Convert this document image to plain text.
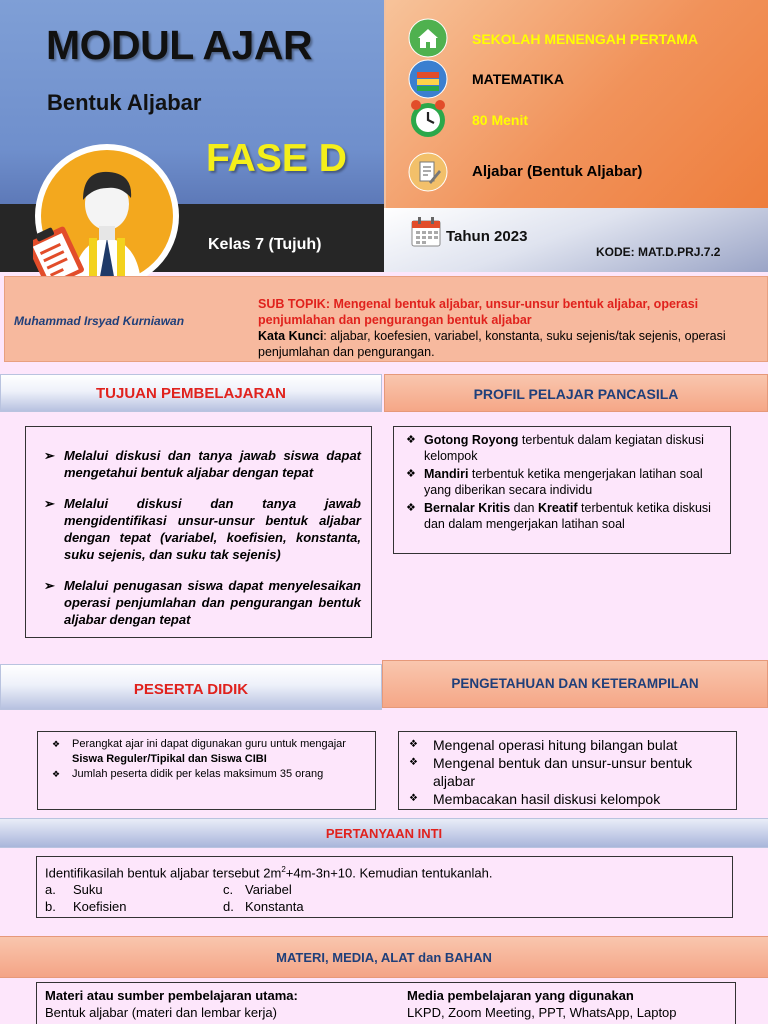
MODUL AJAR
Bentuk Aljabar
FASE D
Kelas 7 (Tujuh)
SEKOLAH MENENGAH PERTAMA
MATEMATIKA
80 Menit
Aljabar (Bentuk Aljabar)
Tahun 2023
KODE: MAT.D.PRJ.7.2
Muhammad Irsyad Kurniawan
SUB TOPIK: Mengenal bentuk aljabar, unsur-unsur bentuk aljabar, operasi penjumlahan dan pengurangan bentuk aljabar
Kata Kunci: aljabar, koefesien, variabel, konstanta, suku sejenis/tak sejenis, operasi penjumlahan dan pengurangan.
TUJUAN PEMBELAJARAN	PROFIL PELAJAR PANCASILA
➢ Melalui diskusi dan tanya jawab siswa dapat mengetahui bentuk aljabar dengan tepat
➢ Melalui diskusi dan tanya jawab mengidentifikasi unsur-unsur bentuk aljabar dengan tepat (variabel, koefisien, konstanta, suku sejenis, dan suku tak sejenis)
➢ Melalui penugasan siswa dapat menyelesaikan operasi penjumlahan dan pengurangan bentuk aljabar dengan tepat
❖ Gotong Royong terbentuk dalam kegiatan diskusi kelompok
❖ Mandiri terbentuk ketika mengerjakan latihan soal yang diberikan secara individu
❖ Bernalar Kritis dan Kreatif terbentuk ketika diskusi dan dalam mengerjakan latihan soal
PESERTA DIDIK	PENGETAHUAN DAN KETERAMPILAN
❖ Perangkat ajar ini dapat digunakan guru untuk mengajar Siswa Reguler/Tipikal dan Siswa CIBI
❖ Jumlah peserta didik per kelas maksimum 35 orang
❖ Mengenal operasi hitung bilangan bulat
❖ Mengenal bentuk dan unsur-unsur bentuk aljabar
❖ Membacakan hasil diskusi kelompok
PERTANYAAN INTI
Identifikasilah bentuk aljabar tersebut $2m^2+4m-3n+10$. Kemudian tentukanlah.
a. Suku
b. Koefisien
c. Variabel
d. Konstanta
MATERI, MEDIA, ALAT dan BAHAN
Materi atau sumber pembelajaran utama:
Bentuk aljabar (materi dan lembar kerja)
Media pembelajaran yang digunakan
LKPD, Zoom Meeting, PPT, WhatsApp, Laptop
